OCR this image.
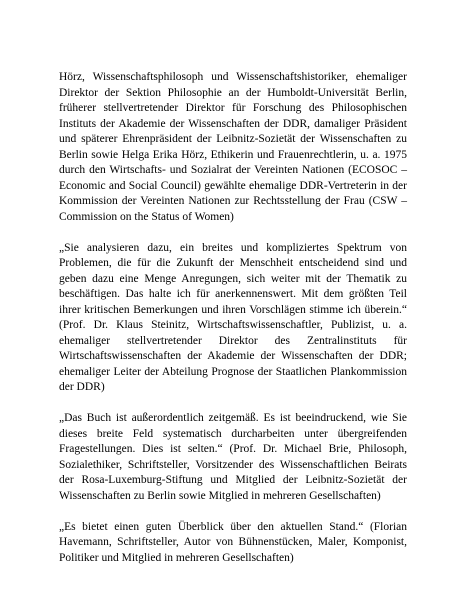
Hörz, Wissenschaftsphilosoph und Wissenschaftshistoriker, ehemaliger Direktor der Sektion Philosophie an der Humboldt-Universität Berlin, früherer stellvertretender Direktor für Forschung des Philosophischen Instituts der Akademie der Wissenschaften der DDR, damaliger Präsident und späterer Ehrenpräsident der Leibnitz-Sozietät der Wissenschaften zu Berlin sowie Helga Erika Hörz, Ethikerin und Frauenrechtlerin, u. a. 1975 durch den Wirtschafts- und Sozialrat der Vereinten Nationen (ECOSOC – Economic and Social Council) gewählte ehemalige DDR-Vertreterin in der Kommission der Vereinten Nationen zur Rechtsstellung der Frau (CSW – Commission on the Status of Women)

„Sie analysieren dazu, ein breites und kompliziertes Spektrum von Problemen, die für die Zukunft der Menschheit entscheidend sind und geben dazu eine Menge Anregungen, sich weiter mit der Thematik zu beschäftigen. Das halte ich für anerkennenswert. Mit dem größten Teil ihrer kritischen Bemerkungen und ihren Vorschlägen stimme ich überein.“ (Prof. Dr. Klaus Steinitz, Wirtschaftswissenschaftler, Publizist, u. a. ehemaliger stellvertretender Direktor des Zentralinstituts für Wirtschaftswissenschaften der Akademie der Wissenschaften der DDR; ehemaliger Leiter der Abteilung Prognose der Staatlichen Plankommission der DDR)

„Das Buch ist außerordentlich zeitgemäß. Es ist beeindruckend, wie Sie dieses breite Feld systematisch durcharbeiten unter übergreifenden Fragestellungen. Dies ist selten.“ (Prof. Dr. Michael Brie, Philosoph, Sozialethiker, Schriftsteller, Vorsitzender des Wissenschaftlichen Beirats der Rosa-Luxemburg-Stiftung und Mitglied der Leibnitz-Sozietät der Wissenschaften zu Berlin sowie Mitglied in mehreren Gesellschaften)

„Es bietet einen guten Überblick über den aktuellen Stand.“ (Florian Havemann, Schriftsteller, Autor von Bühnenstücken, Maler, Komponist, Politiker und Mitglied in mehreren Gesellschaften)
